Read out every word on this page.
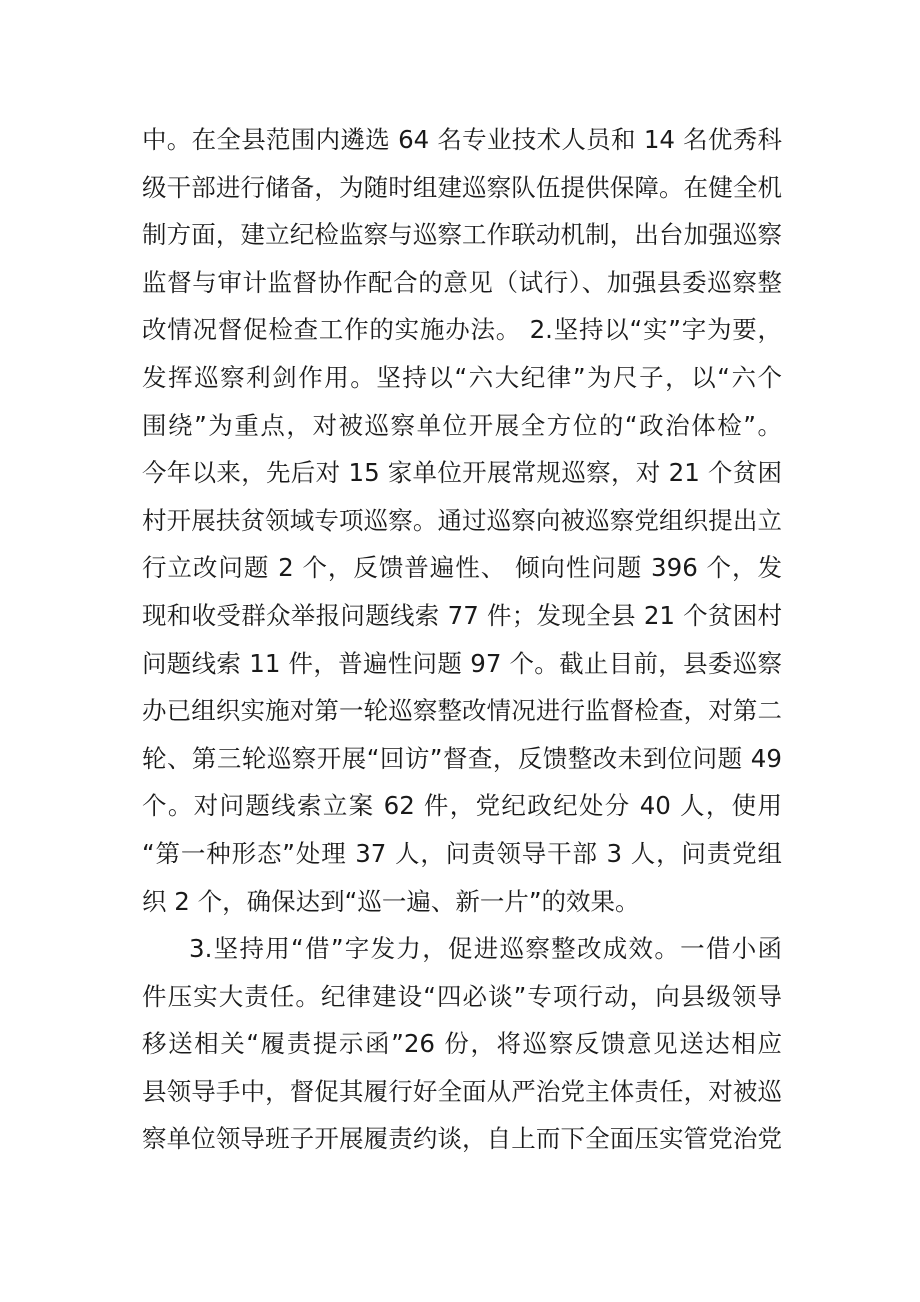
中。在全县范围内遴选 64 名专业技术人员和 14 名优秀科
级干部进行储备，为随时组建巡察队伍提供保障。在健全机
制方面，建立纪检监察与巡察工作联动机制，出台加强巡察
监督与审计监督协作配合的意见（试行）、加强县委巡察整
改情况督促检查工作的实施办法。 2.坚持以“实”字为要，
发挥巡察利剑作用。坚持以“六大纪律”为尺子，以“六个
围绕”为重点，对被巡察单位开展全方位的“政治体检”。
今年以来，先后对 15 家单位开展常规巡察，对 21 个贫困
村开展扶贫领域专项巡察。通过巡察向被巡察党组织提出立
行立改问题 2 个，反馈普遍性、 倾向性问题 396 个，发
现和收受群众举报问题线索 77 件；发现全县 21 个贫困村
问题线索 11 件，普遍性问题 97 个。截止目前，县委巡察
办已组织实施对第一轮巡察整改情况进行监督检查，对第二
轮、第三轮巡察开展“回访”督查，反馈整改未到位问题 49
个。对问题线索立案 62 件，党纪政纪处分 40 人，使用
“第一种形态”处理 37 人，问责领导干部 3 人，问责党组
织 2 个，确保达到“巡一遍、新一片”的效果。
3.坚持用“借”字发力，促进巡察整改成效。一借小函
件压实大责任。纪律建设“四必谈”专项行动，向县级领导
移送相关“履责提示函”26 份，将巡察反馈意见送达相应
县领导手中，督促其履行好全面从严治党主体责任，对被巡
察单位领导班子开展履责约谈，自上而下全面压实管党治党
